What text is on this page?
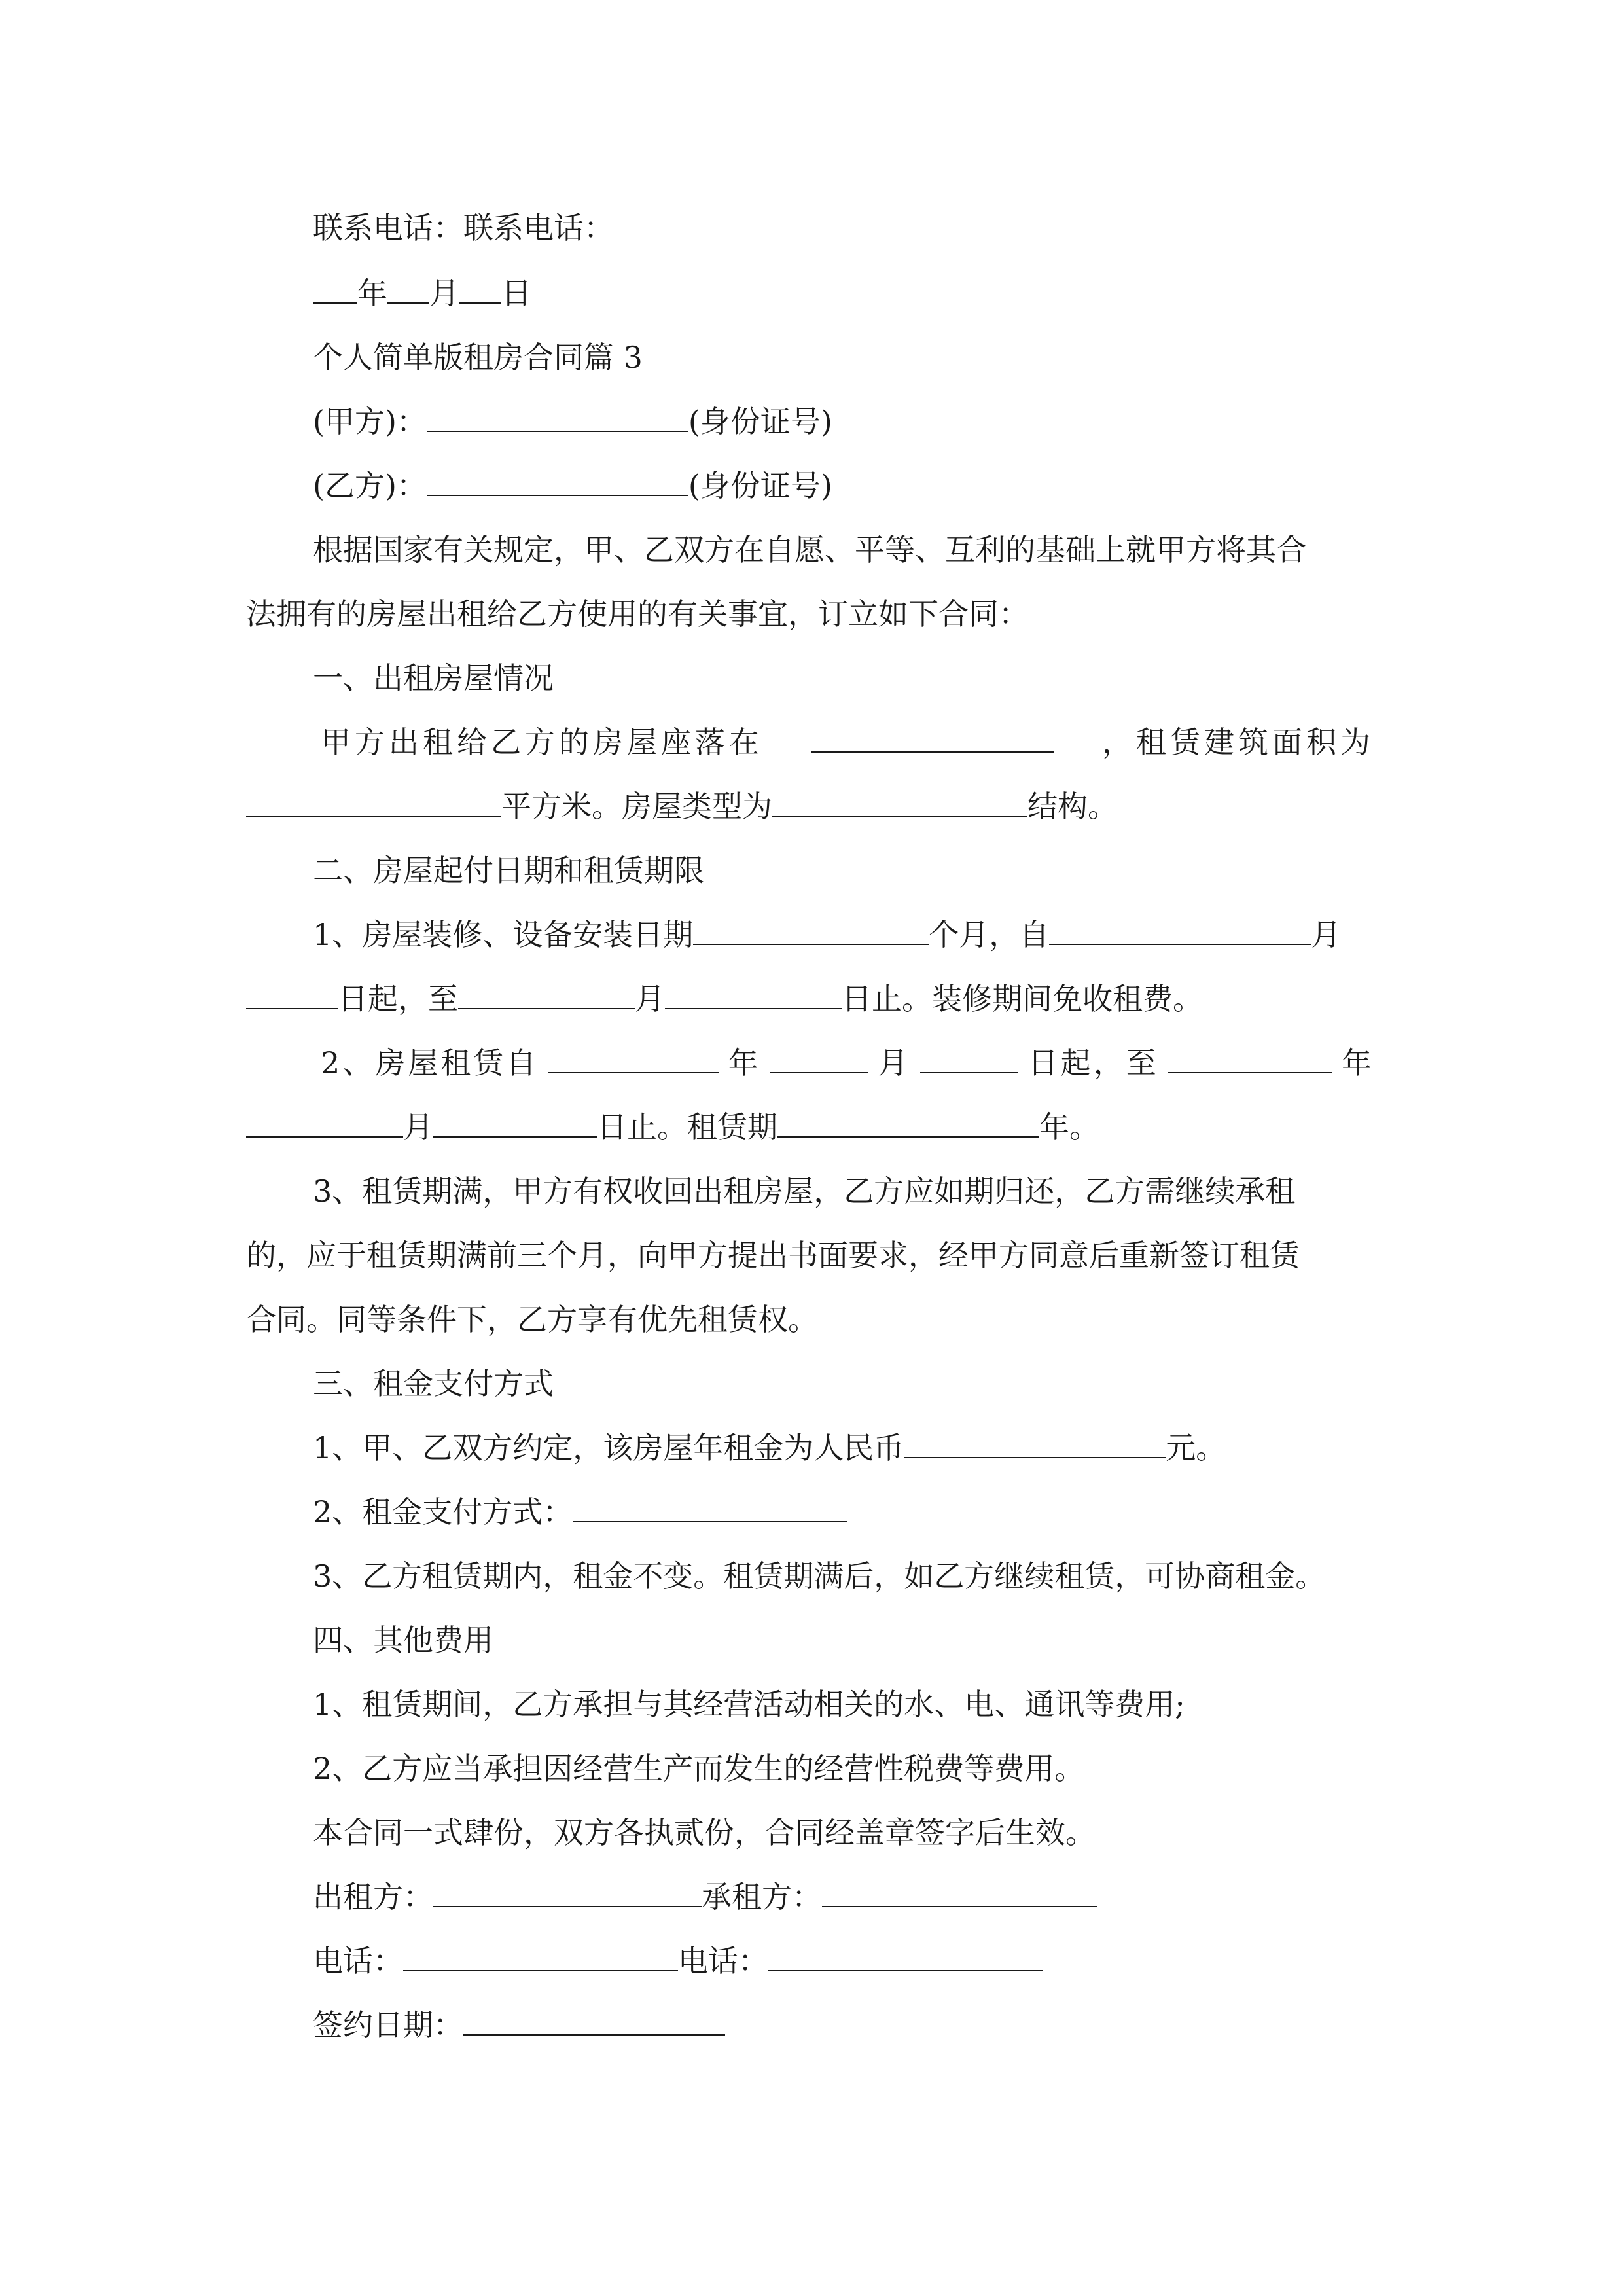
联系电话：联系电话：
年 月 日
个人简单版租房合同篇 3
(甲方)：	(身份证号)
(乙方)：	(身份证号)
根据国家有关规定，甲、乙双方在自愿、平等、互利的基础上就甲方将其合
法拥有的房屋出租给乙方使用的有关事宜，订立如下合同：
一、出租房屋情况
甲方出租给乙方的房屋座落在	，租赁建筑面积为
平方米。房屋类型为	结构。
二、房屋起付日期和租赁期限
1、房屋装修、设备安装日期	个月，自	月
日起，至	月	日止。装修期间免收租费。
2、房屋租赁自	年	月	日起，至	年
月	日止。租赁期	年。
3、租赁期满，甲方有权收回出租房屋，乙方应如期归还，乙方需继续承租
的，应于租赁期满前三个月，向甲方提出书面要求，经甲方同意后重新签订租赁
合同。同等条件下，乙方享有优先租赁权。
三、租金支付方式
1、甲、乙双方约定，该房屋年租金为人民币	元。
2、租金支付方式：
3、乙方租赁期内，租金不变。租赁期满后，如乙方继续租赁，可协商租金。
四、其他费用
1、租赁期间，乙方承担与其经营活动相关的水、电、通讯等费用;
2、乙方应当承担因经营生产而发生的经营性税费等费用。
本合同一式肆份，双方各执贰份，合同经盖章签字后生效。
出租方：	承租方：
电话：	电话：
签约日期：
